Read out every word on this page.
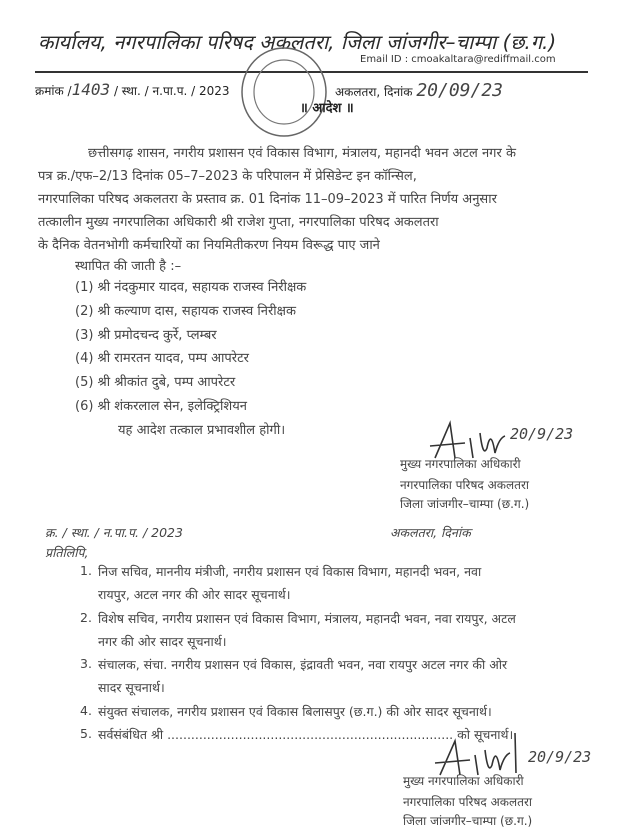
कार्यालय, नगरपालिका परिषद अकलतरा, जिला जांजगीर–चाम्पा (छ.ग.)
Email ID : cmoakaltara@rediffmail.com
क्रमांक /1403 / स्था. / न.पा.प. / 2023	अकलतरा, दिनांक 20/09/23
॥ आदेश ॥
छत्तीसगढ़ शासन, नगरीय प्रशासन एवं विकास विभाग, मंत्रालय, महानदी भवन अटल नगर के
पत्र क्र./एफ–2/13 दिनांक 05–7–2023 के परिपालन में प्रेसिडेन्ट इन कॉन्सिल,
नगरपालिका परिषद अकलतरा के प्रस्ताव क्र. 01 दिनांक 11–09–2023 में पारित निर्णय अनुसार
तत्कालीन मुख्य नगरपालिका अधिकारी श्री राजेश गुप्ता, नगरपालिका परिषद अकलतरा
के दैनिक वेतनभोगी कर्मचारियों का नियमितीकरण नियम विरूद्ध पाए जाने
स्थापित की जाती है :–
(1) श्री नंदकुमार यादव, सहायक राजस्व निरीक्षक
(2) श्री कल्याण दास, सहायक राजस्व निरीक्षक
(3) श्री प्रमोदचन्द कुर्रे, प्लम्बर
(4) श्री रामरतन यादव, पम्प आपरेटर
(5) श्री श्रीकांत दुबे, पम्प आपरेटर
(6) श्री शंकरलाल सेन, इलेक्ट्रिशियन
यह आदेश तत्काल प्रभावशील होगी।	20/9/23
मुख्य नगरपालिका अधिकारी
नगरपालिका परिषद अकलतरा
जिला जांजगीर–चाम्पा (छ.ग.)
क्र. / स्था. / न.पा.प. / 2023	अकलतरा, दिनांक
प्रतिलिपि,
1. निज सचिव, माननीय मंत्रीजी, नगरीय प्रशासन एवं विकास विभाग, महानदी भवन, नवा
रायपुर, अटल नगर की ओर सादर सूचनार्थ।
2. विशेष सचिव, नगरीय प्रशासन एवं विकास विभाग, मंत्रालय, महानदी भवन, नवा रायपुर, अटल
नगर की ओर सादर सूचनार्थ।
3. संचालक, संचा. नगरीय प्रशासन एवं विकास, इंद्रावती भवन, नवा रायपुर अटल नगर की ओर
सादर सूचनार्थ।
4. संयुक्त संचालक, नगरीय प्रशासन एवं विकास बिलासपुर (छ.ग.) की ओर सादर सूचनार्थ।
5. सर्वसंबंधित श्री ........................................................................ को सूचनार्थ।
20/9/23
मुख्य नगरपालिका अधिकारी
नगरपालिका परिषद अकलतरा
जिला जांजगीर–चाम्पा (छ.ग.)
